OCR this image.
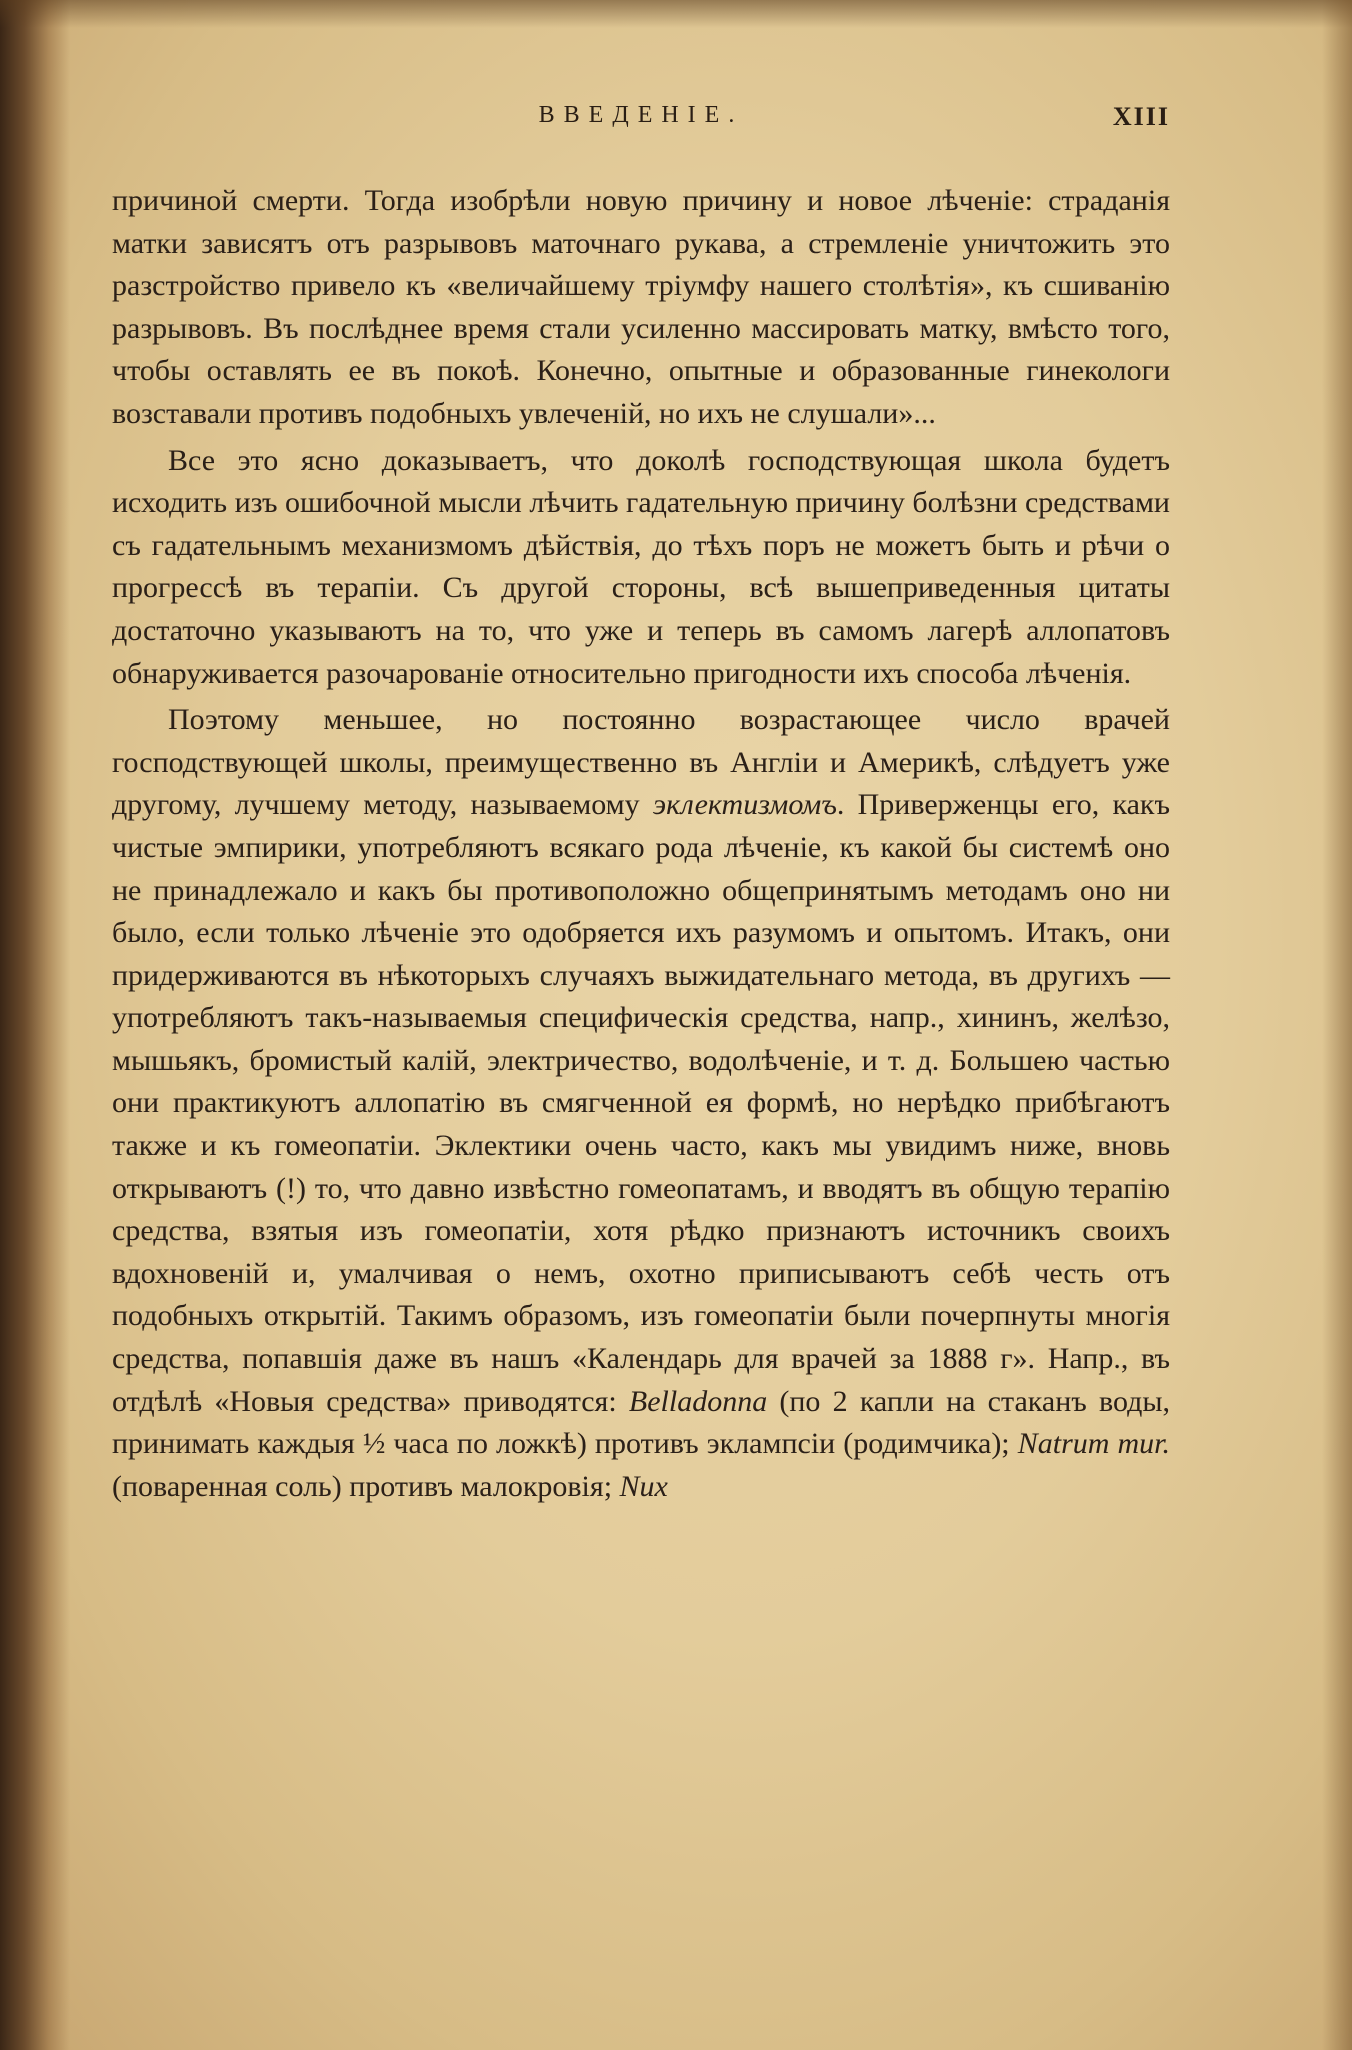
ВВЕДЕНІЕ.	XIII

причиной смерти. Тогда изобрѣли новую причину и новое лѣченіе: страданія матки зависятъ отъ разрывовъ маточнаго рукава, а стремленіе уничтожить это разстройство привело къ «величайшему тріумфу нашего столѣтія», къ сшиванію разрывовъ. Въ послѣднее время стали усиленно массировать матку, вмѣсто того, чтобы оставлять ее въ покоѣ. Конечно, опытные и образованные гинекологи возставали противъ подобныхъ увлеченій, но ихъ не слушали»...

Все это ясно доказываетъ, что доколѣ господствующая школа будетъ исходить изъ ошибочной мысли лѣчить гадательную причину болѣзни средствами съ гадательнымъ механизмомъ дѣйствія, до тѣхъ поръ не можетъ быть и рѣчи о прогрессѣ въ терапіи. Съ другой стороны, всѣ вышеприведенныя цитаты достаточно указываютъ на то, что уже и теперь въ самомъ лагерѣ аллопатовъ обнаруживается разочарованіе относительно пригодности ихъ способа лѣченія.

Поэтому меньшее, но постоянно возрастающее число врачей господствующей школы, преимущественно въ Англіи и Америкѣ, слѣдуетъ уже другому, лучшему методу, называемому эклектизмомъ. Приверженцы его, какъ чистые эмпирики, употребляютъ всякаго рода лѣченіе, къ какой бы системѣ оно не принадлежало и какъ бы противоположно общепринятымъ методамъ оно ни было, если только лѣченіе это одобряется ихъ разумомъ и опытомъ. Итакъ, они придерживаются въ нѣкоторыхъ случаяхъ выжидательнаго метода, въ другихъ — употребляютъ такъ-называемыя специфическія средства, напр., хининъ, желѣзо, мышьякъ, бромистый калій, электричество, водолѣченіе, и т. д. Большею частью они практикуютъ аллопатію въ смягченной ея формѣ, но нерѣдко прибѣгаютъ также и къ гомеопатіи. Эклектики очень часто, какъ мы увидимъ ниже, вновь открываютъ (!) то, что давно извѣстно гомеопатамъ, и вводятъ въ общую терапію средства, взятыя изъ гомеопатіи, хотя рѣдко признаютъ источникъ своихъ вдохновеній и, умалчивая о немъ, охотно приписываютъ себѣ честь отъ подобныхъ открытій. Такимъ образомъ, изъ гомеопатіи были почерпнуты многія средства, попавшія даже въ нашъ «Календарь для врачей за 1888 г». Напр., въ отдѣлѣ «Новыя средства» приводятся: Belladonna (по 2 капли на стаканъ воды, принимать каждыя ½ часа по ложкѣ) противъ эклампсіи (родимчика); Natrum mur. (поваренная соль) противъ малокровія; Nux
